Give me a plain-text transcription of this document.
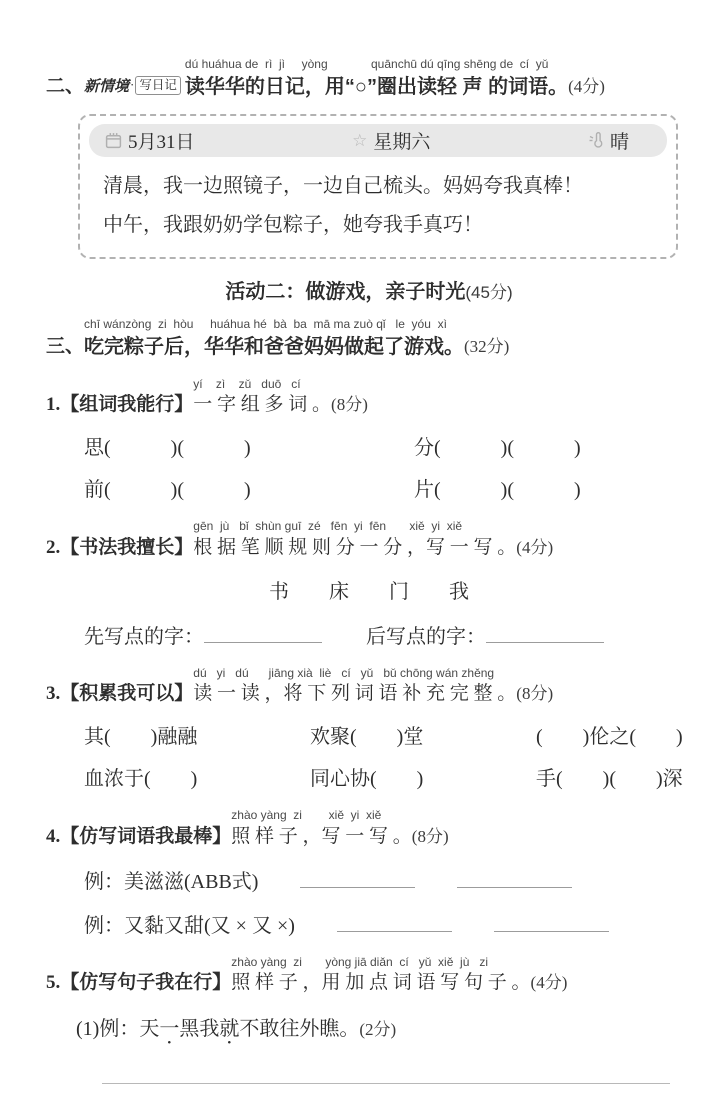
二、 新情境 · 写日记
dú huáhua de  rì  jì     yòng             quānchū dú qīng shēng de  cí  yǔ
读华华的日记，用“○”圈出读轻 声 的词语。 (4分)
5月31日	☆ 星期六	晴
清晨，我一边照镜子，一边自己梳头。妈妈夸我真棒！
中午，我跟奶奶学包粽子，她夸我手真巧！
活动二：做游戏，亲子时光(45分)
三、
chī wánzòng  zi  hòu     huáhua hé  bà  ba  mā ma zuò qǐ   le  yóu  xì
吃完粽子后，华华和爸爸妈妈做起了游戏。 (32分)
1. 【组词我能行】
yí    zì    zǔ   duō   cí
一 字 组 多 词 。 (8分)
思(　　　)(　　　)	分(　　　)(　　　)
前(　　　)(　　　)	片(　　　)(　　　)
2. 【书法我擅长】
gēn  jù   bǐ  shùn guī  zé   fēn  yi  fēn       xiě  yi  xiě
根 据 笔 顺 规 则 分 一 分 ，写 一 写 。 (4分)
书　　床　　门　　我
先写点的字：	后写点的字：
3. 【积累我可以】
dú   yi   dú      jiāng xià  liè   cí   yǔ   bǔ chōng wán zhěng
读 一 读 ，将 下 列 词 语 补 充 完 整 。 (8分)
其(　　)融融	欢聚(　　)堂	(　　)伦之(　　)
血浓于(　　)	同心协(　　)	手(　　)(　　)深
4. 【仿写词语我最棒】
zhào yàng  zi        xiě  yi  xiě
照 样 子 ，写 一 写 。 (8分)
例：美滋滋(ABB式)
例：又黏又甜(又 × 又 ×)
5. 【仿写句子我在行】
zhào yàng  zi       yòng jiā diǎn  cí   yǔ  xiě  jù   zi
照 样 子 ，用 加 点 词 语 写 句 子 。 (4分)
(1)例： 天 一 • 黑我 就 • 不敢往外瞧。 (2分)
